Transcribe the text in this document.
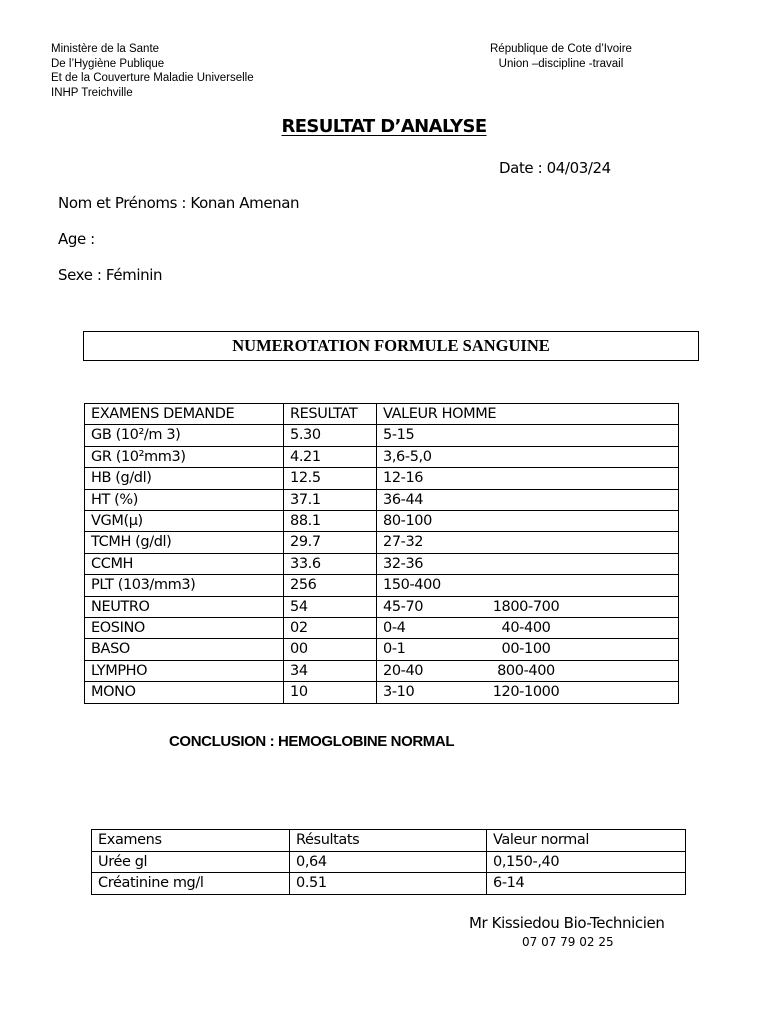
Ministère de la Sante
De l’Hygiène Publique
Et de la Couverture Maladie Universelle
INHP Treichville
République de Cote d’Ivoire
Union –discipline -travail
RESULTAT D’ANALYSE
Date : 04/03/24
Nom et Prénoms : Konan Amenan
Age :
Sexe : Féminin
NUMEROTATION FORMULE SANGUINE
EXAMENS DEMANDE	RESULTAT	VALEUR HOMME
GB (10²/m 3)	5.30	5-15

GR (10²mm3)	4.21	3,6-5,0

HB (g/dl)	12.5	12-16

HT (%)	37.1	36-44

VGM(µ)	88.1	80-100

TCMH (g/dl)	29.7	27-32

CCMH	33.6	32-36

PLT (103/mm3)	256	150-400

NEUTRO	54	45-70 1800-700

EOSINO	02	0-4 40-400

BASO	00	0-1 00-100

LYMPHO	34	20-40 800-400

MONO	10	3-10 120-1000
CONCLUSION : HEMOGLOBINE NORMAL
Examens	Résultats	Valeur normal
Urée gl	0,64	0,150-,40
Créatinine mg/l	0.51	6-14
Mr Kissiedou Bio-Technicien
07 07 79 02 25
